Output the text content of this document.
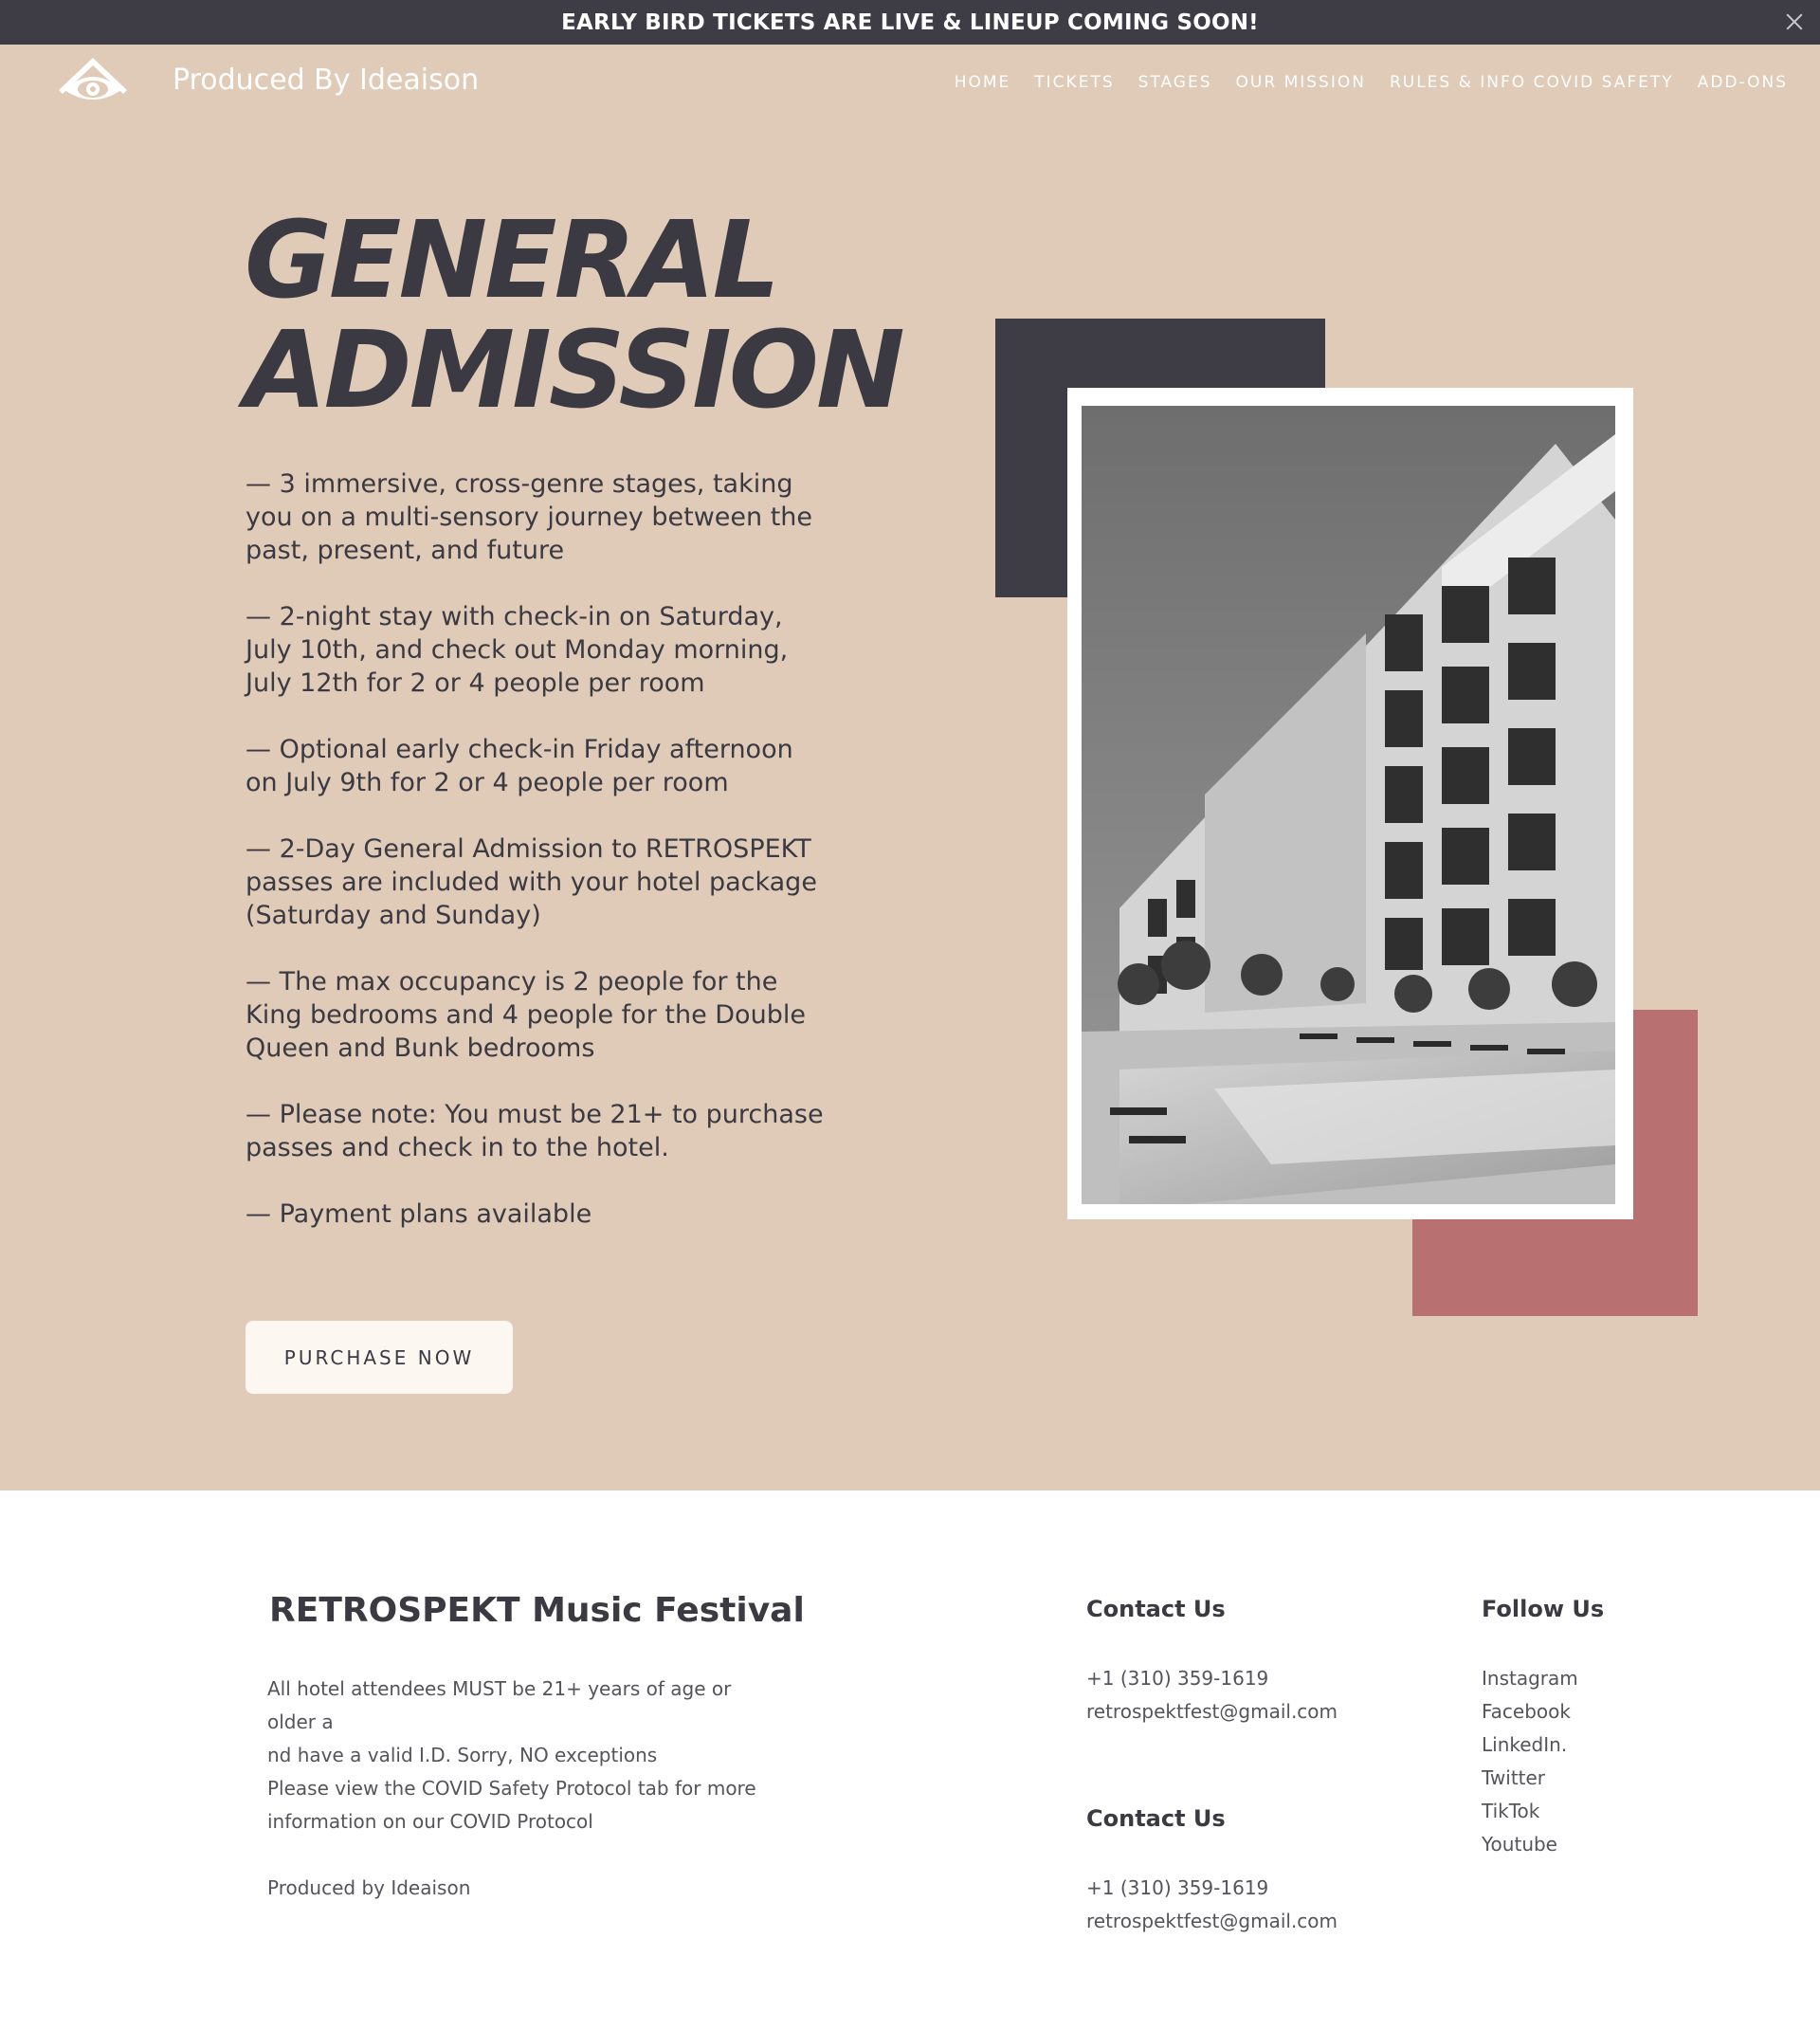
EARLY BIRD TICKETS ARE LIVE & LINEUP COMING SOON!
Produced By Ideaison	HOME TICKETS STAGES OUR MISSION RULES & INFO COVID SAFETY ADD-ONS
GENERAL
ADMISSION

— 3 immersive, cross-genre stages, taking you on a multi-sensory journey between the past, present, and future

— 2-night stay with check-in on Saturday, July 10th, and check out Monday morning, July 12th for 2 or 4 people per room

— Optional early check-in Friday afternoon on July 9th for 2 or 4 people per room

— 2-Day General Admission to RETROSPEKT passes are included with your hotel package (Saturday and Sunday)

— The max occupancy is 2 people for the King bedrooms and 4 people for the Double Queen and Bunk bedrooms

— Please note: You must be 21+ to purchase passes and check in to the hotel.

— Payment plans available

PURCHASE NOW
RETROSPEKT Music Festival
All hotel attendees MUST be 21+ years of age or older a
nd have a valid I.D. Sorry, NO exceptions
Please view the COVID Safety Protocol tab for more
information on our COVID Protocol
Produced by Ideaison
Contact Us
+1 (310) 359-1619
retrospektfest@gmail.com
Contact Us
+1 (310) 359-1619
retrospektfest@gmail.com
Follow Us
Instagram
Facebook
LinkedIn.
Twitter
TikTok
Youtube
